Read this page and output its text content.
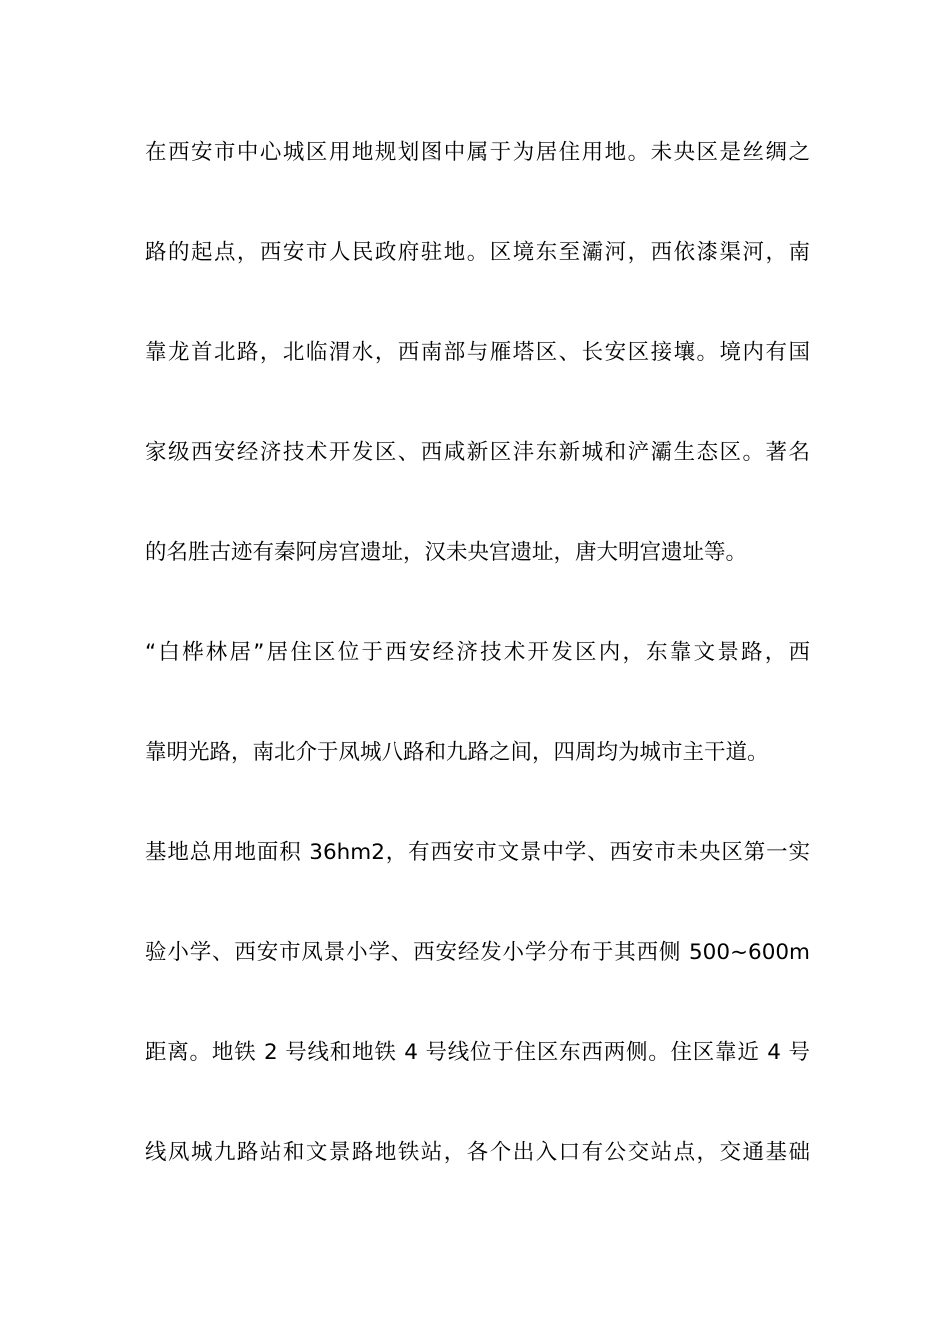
在西安市中心城区用地规划图中属于为居住用地。未央区是丝绸之
路的起点，西安市人民政府驻地。区境东至灞河，西依漆渠河，南
靠龙首北路，北临渭水，西南部与雁塔区、长安区接壤。境内有国
家级西安经济技术开发区、西咸新区沣东新城和浐灞生态区。著名
的名胜古迹有秦阿房宫遗址，汉未央宫遗址，唐大明宫遗址等。
“白桦林居”居住区位于西安经济技术开发区内，东靠文景路，西
靠明光路，南北介于凤城八路和九路之间，四周均为城市主干道。
基地总用地面积 36hm2，有西安市文景中学、西安市未央区第一实
验小学、西安市凤景小学、西安经发小学分布于其西侧 500~600m
距离。地铁 2 号线和地铁 4 号线位于住区东西两侧。住区靠近 4 号
线凤城九路站和文景路地铁站，各个出入口有公交站点，交通基础
